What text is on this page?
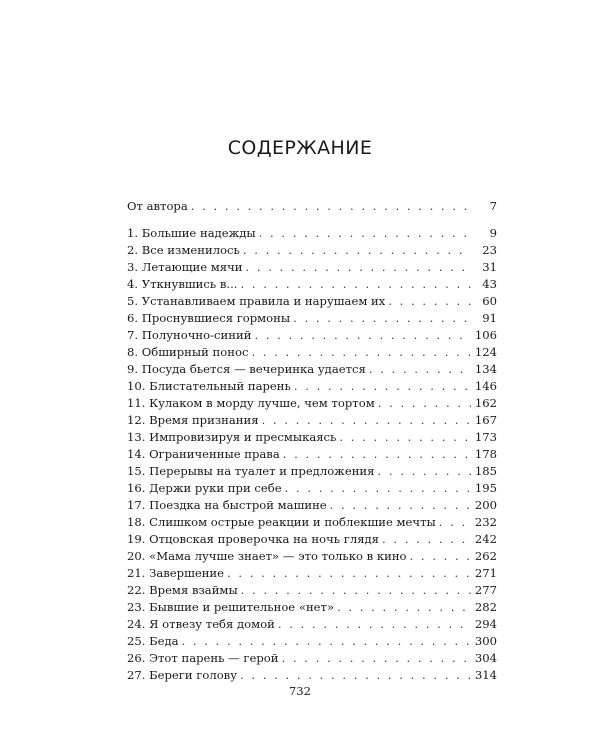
СОДЕРЖАНИЕ
От автора . . .	7
1. Большие надежды . . .	9
2. Все изменилось . . .	23
3. Летающие мячи . . .	31
4. Уткнувшись в... . . .	43
5. Устанавливаем правила и нарушаем их . . .	60
6. Проснувшиеся гормоны . . .	91
7. Полуночно-синий . . .	106
8. Обширный понос . . .	124
9. Посуда бьется — вечеринка удается . . .	134
10. Блистательный парень . . .	146
11. Кулаком в морду лучше, чем тортом . . .	162
12. Время признания . . .	167
13. Импровизируя и пресмыкаясь . . .	173
14. Ограниченные права . . .	178
15. Перерывы на туалет и предложения . . .	185
16. Держи руки при себе . . .	195
17. Поездка на быстрой машине . . .	200
18. Слишком острые реакции и поблекшие мечты . . .	232
19. Отцовская проверочка на ночь глядя . . .	242
20. «Мама лучше знает» — это только в кино . . .	262
21. Завершение . . .	271
22. Время взаймы . . .	277
23. Бывшие и решительное «нет» . . .	282
24. Я отвезу тебя домой . . .	294
25. Беда . . .	300
26. Этот парень — герой . . .	304
27. Береги голову . . .	314
732
